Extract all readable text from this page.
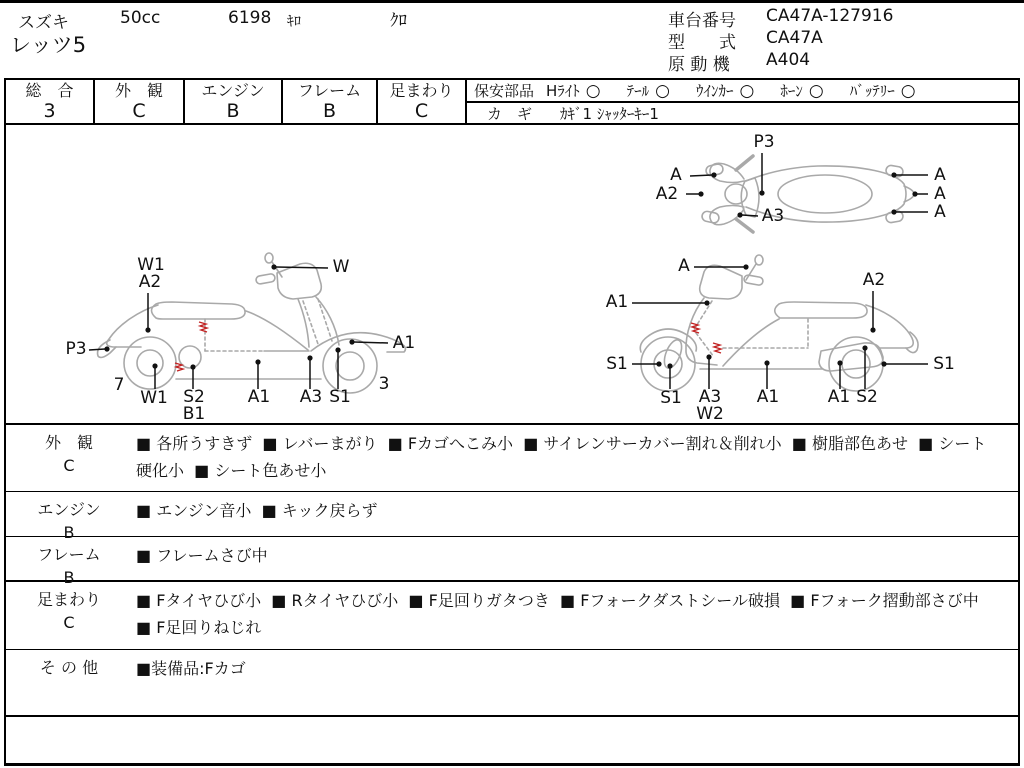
スズキ	50cc	6198 ｷﾛ	ｸﾛ
レッツ5
車台番号 CA47A-127916
型　　式 CA47A
原 動 機 A404
総　合
3
外　観
C
エンジン
B
フレーム
B
足まわり
C
保安部品 Hﾗｲﾄ ○ ﾃｰﾙ ○ ｳｲﾝｶｰ ○ ﾎｰﾝ ○ ﾊﾞｯﾃﾘｰ ○
カ　ギ ｶｷﾞ1 ｼｬｯﾀｰｷｰ1
P3
A
A2
A3
A
A
A
W1
A2
W
P3
7
W1 S2
B1
A1 A3 S1
A1
3
A
A1
A2
S1
S1 A3
W2
A1	A1 S2
S1
外　観
C
■ 各所うすきず  ■ レバーまがり  ■ Fカゴへこみ小  ■ サイレンサーカバー割れ＆削れ小  ■ 樹脂部色あせ  ■ シート硬化小  ■ シート色あせ小
エンジン
B
■ エンジン音小  ■ キック戻らず
フレーム
B
■ フレームさび中
足まわり
C
■ Fタイヤひび小  ■ Rタイヤひび小  ■ F足回りガタつき  ■ Fフォークダストシール破損  ■ Fフォーク摺動部さび中  ■ F足回りねじれ
そ の 他 ■装備品:Fカゴ
